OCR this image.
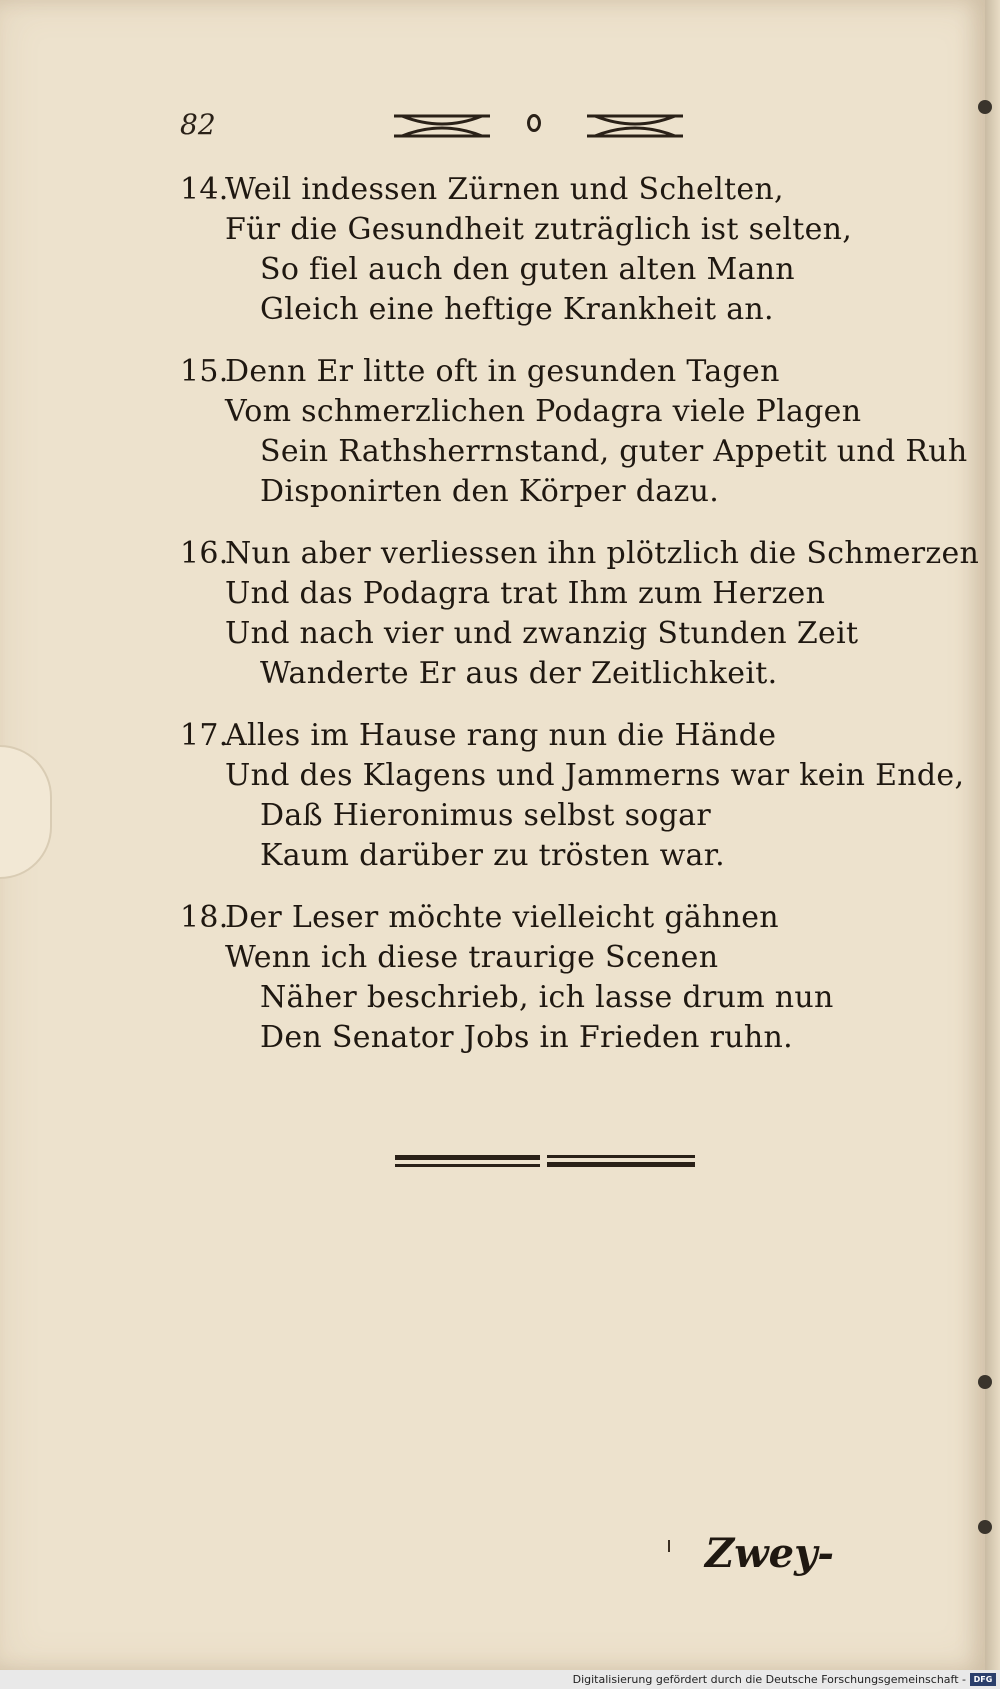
82
14.Weil indessen Zürnen und Schelten,
Für die Gesundheit zuträglich ist selten,
So fiel auch den guten alten Mann
Gleich eine heftige Krankheit an.
15.Denn Er litte oft in gesunden Tagen
Vom schmerzlichen Podagra viele Plagen
Sein Rathsherrnstand, guter Appetit und Ruh
Disponirten den Körper dazu.
16.Nun aber verliessen ihn plötzlich die Schmerzen
Und das Podagra trat Ihm zum Herzen
Und nach vier und zwanzig Stunden Zeit
Wanderte Er aus der Zeitlichkeit.
17.Alles im Hause rang nun die Hände
Und des Klagens und Jammerns war kein Ende,
Daß Hieronimus selbst sogar
Kaum darüber zu trösten war.
18.Der Leser möchte vielleicht gähnen
Wenn ich diese traurige Scenen
Näher beschrieb, ich lasse drum nun
Den Senator Jobs in Frieden ruhn.
Zwey-
Digitalisierung gefördert durch die Deutsche Forschungsgemeinschaft - DFG
